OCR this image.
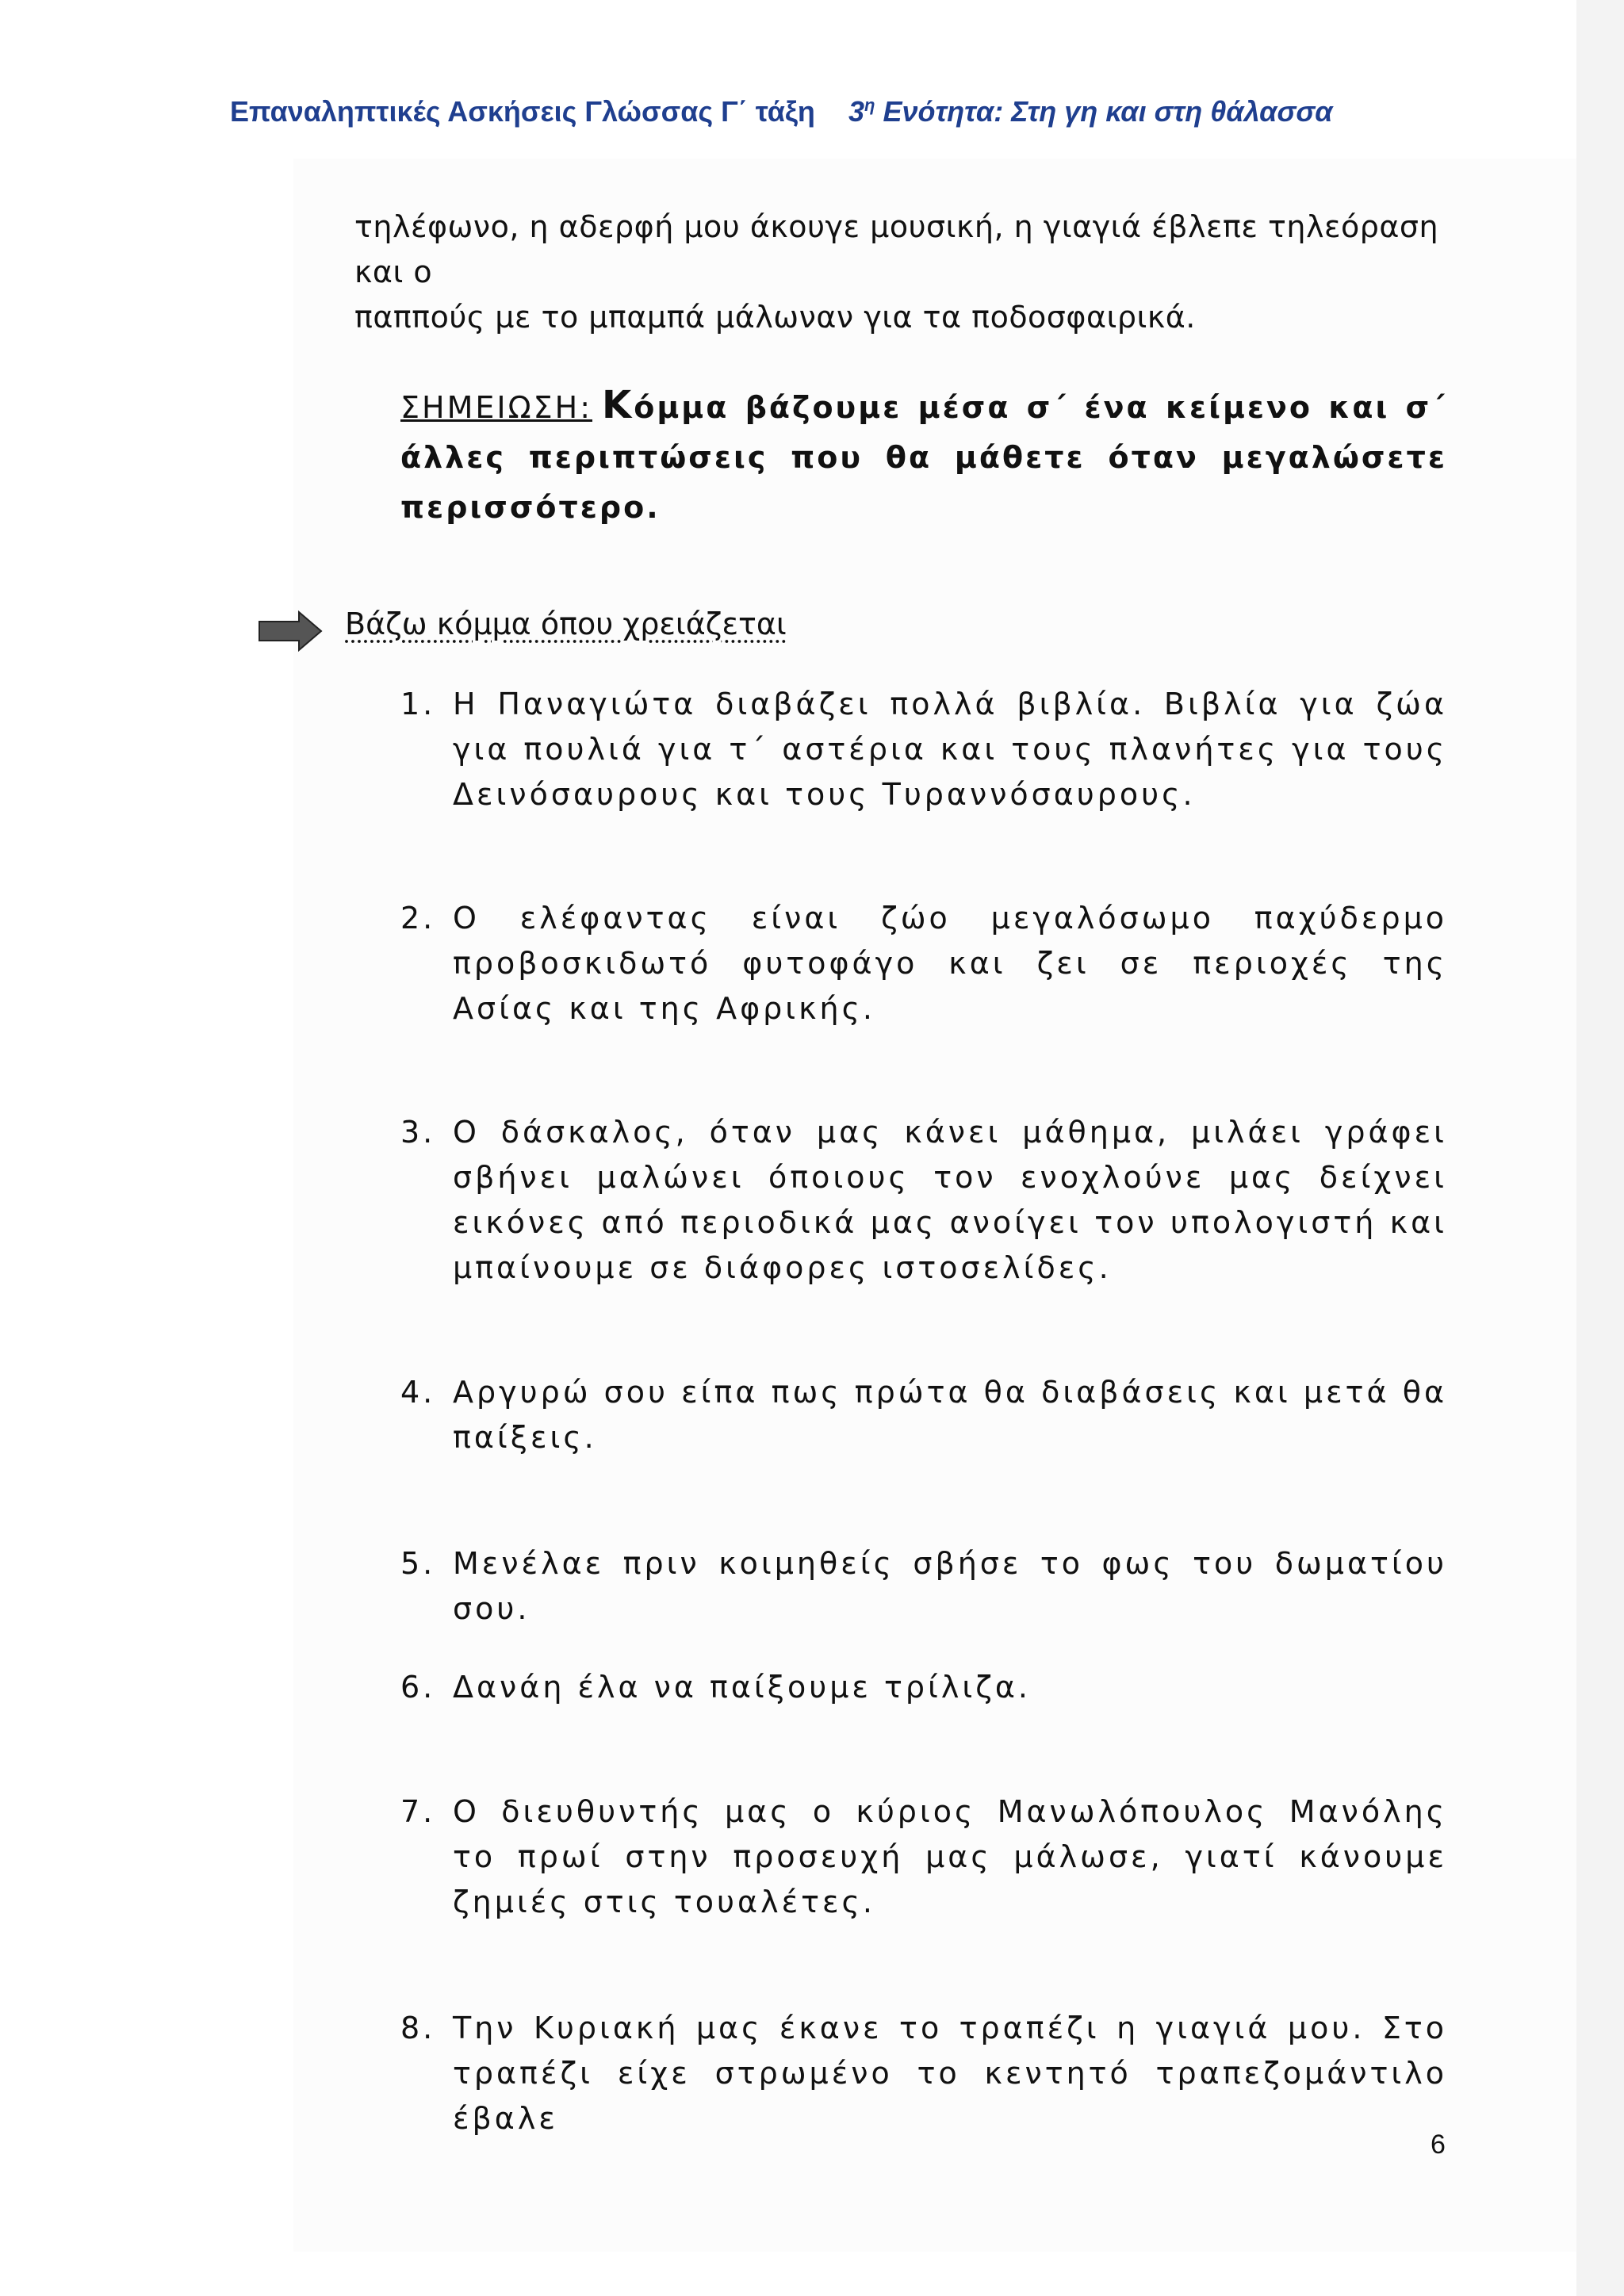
Επαναληπτικές Ασκήσεις Γλώσσας Γ΄ τάξη $3^\eta$ Ενότητα: Στη γη και στη θάλασσα
τηλέφωνο, η αδερφή μου άκουγε μουσική, η γιαγιά έβλεπε τηλεόραση και ο
παππούς με το μπαμπά μάλωναν για τα ποδοσφαιρικά.
ΣΗΜΕΙΩΣΗ: Κόμμα βάζουμε μέσα σ΄ ένα κείμενο και σ΄ άλλες περιπτώσεις που θα μάθετε όταν μεγαλώσετε περισσότερο.
Βάζω κόμμα όπου χρειάζεται
1. Η Παναγιώτα διαβάζει πολλά βιβλία. Βιβλία για ζώα για πουλιά για τ΄ αστέρια και τους πλανήτες για τους Δεινόσαυρους και τους Τυραννόσαυρους.
2. Ο ελέφαντας είναι ζώο μεγαλόσωμο παχύδερμο προβοσκιδωτό φυτοφάγο και ζει σε περιοχές της Ασίας και της Αφρικής.
3. Ο δάσκαλος, όταν μας κάνει μάθημα, μιλάει γράφει σβήνει μαλώνει όποιους τον ενοχλούνε μας δείχνει εικόνες από περιοδικά μας ανοίγει τον υπολογιστή και μπαίνουμε σε διάφορες ιστοσελίδες.
4. Αργυρώ σου είπα πως πρώτα θα διαβάσεις και μετά θα παίξεις.
5. Μενέλαε πριν κοιμηθείς σβήσε το φως του δωματίου σου.
6. Δανάη έλα να παίξουμε τρίλιζα.
7. Ο διευθυντής μας ο κύριος Μανωλόπουλος Μανόλης το πρωί στην προσευχή μας μάλωσε, γιατί κάνουμε ζημιές στις τουαλέτες.
8. Την Κυριακή μας έκανε το τραπέζι η γιαγιά μου. Στο τραπέζι είχε στρωμένο το κεντητό τραπεζομάντιλο έβαλε
6
